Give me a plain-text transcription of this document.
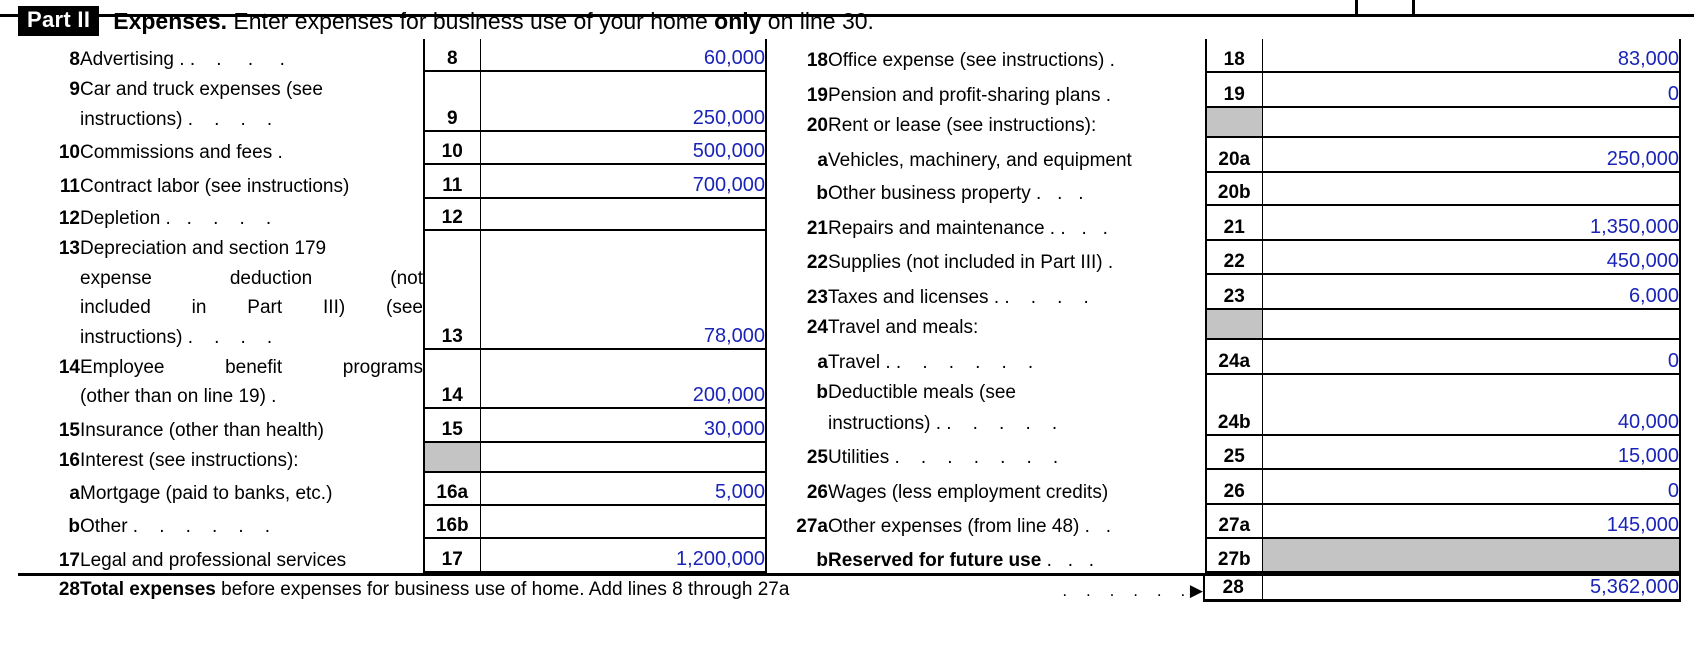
Part II	Expenses. Enter expenses for business use of your home only on line 30.
8	Advertising . .    .     .     .	8	60,000
9	Car and truck expenses (see	9	250,000
	instructions) .    .    .    .		
10	Commissions and fees .	10	500,000
11	Contract labor (see instructions)	11	700,000
12	Depletion .   .    .    .    .	12	
13	Depreciation and section 179	13	78,000
	expense deduction (not		
	included in Part III) (see		
	instructions) .    .    .    .		
14	Employee benefit programs	14	200,000
	(other than on line 19) .		
15	Insurance (other than health)	15	30,000
16	Interest (see instructions):		
a	Mortgage (paid to banks, etc.)	16a	5,000
b	Other .    .    .    .    .    .	16b	
17	Legal and professional services	17	1,200,000
18	Office expense (see instructions) .	18	83,000
19	Pension and profit-sharing plans .	19	0
20	Rent or lease (see instructions):		
a	Vehicles, machinery, and equipment	20a	250,000
b	Other business property .   .   .	20b	
21	Repairs and maintenance . .   .   .	21	1,350,000
22	Supplies (not included in Part III) .	22	450,000
23	Taxes and licenses . .    .    .    .	23	6,000
24	Travel and meals:		
a	Travel . .    .    .    .    .    .	24a	0
b	Deductible meals (see	24b	40,000
	instructions) . .    .    .    .    .		
25	Utilities .    .    .    .    .    .    .	25	15,000
26	Wages (less employment credits)	26	0
27a	Other expenses (from line 48) .   .	27a	145,000
b	Reserved for future use .   .   .	27b	
28	Total expenses before expenses for business use of home. Add lines 8 through 27a	.    .    .    .    .    . ▶	28	5,362,000
